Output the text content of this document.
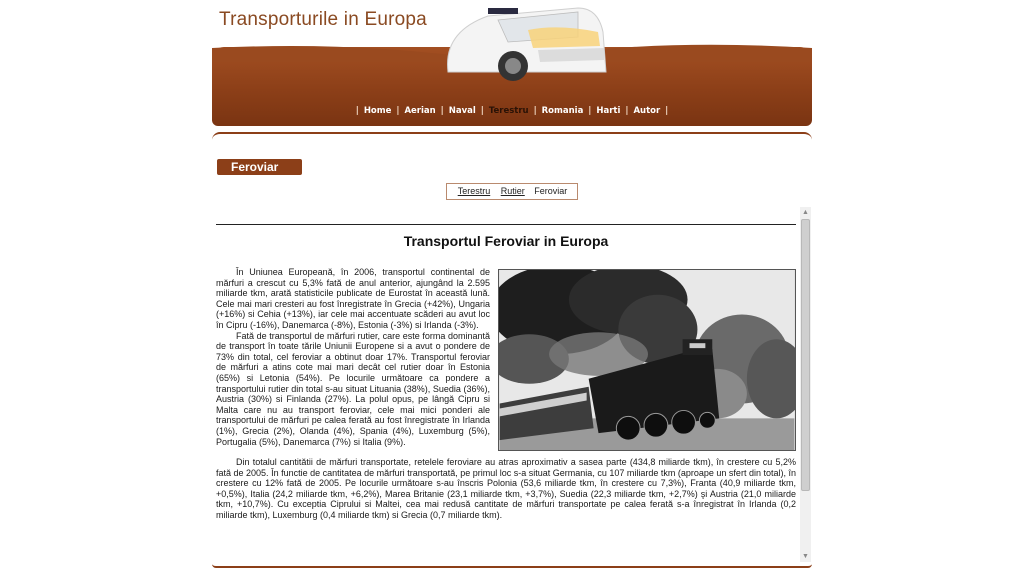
Transporturile in Europa
| Home | Aerian | Naval | Terestru | Romania | Harti | Autor |
Feroviar
Terestru Rutier Feroviar
Transportul Feroviar in Europa

În Uniunea Europeană, în 2006, transportul continental de mărfuri a crescut cu 5,3% fată de anul anterior, ajungând la 2.595 miliarde tkm, arată statisticile publicate de Eurostat în această lună. Cele mai mari cresteri au fost înregistrate în Grecia (+42%), Ungaria (+16%) si Cehia (+13%), iar cele mai accentuate scăderi au avut loc în Cipru (-16%), Danemarca (-8%), Estonia (-3%) si Irlanda (-3%).

Fată de transportul de mărfuri rutier, care este forma dominantă de transport în toate tările Uniunii Europene si a avut o pondere de 73% din total, cel feroviar a obtinut doar 17%. Transportul feroviar de mărfuri a atins cote mai mari decât cel rutier doar în Estonia (65%) si Letonia (54%). Pe locurile următoare ca pondere a transportului rutier din total s-au situat Lituania (38%), Suedia (36%), Austria (30%) si Finlanda (27%). La polul opus, pe lângă Cipru si Malta care nu au transport feroviar, cele mai mici ponderi ale transportului de mărfuri pe calea ferată au fost înregistrate în Irlanda (1%), Grecia (2%), Olanda (4%), Spania (4%), Luxemburg (5%), Portugalia (5%), Danemarca (7%) si Italia (9%).

Din totalul cantitătii de mărfuri transportate, retelele feroviare au atras aproximativ a sasea parte (434,8 miliarde tkm), în crestere cu 5,2% fată de 2005. În functie de cantitatea de mărfuri transportată, pe primul loc s-a situat Germania, cu 107 miliarde tkm (aproape un sfert din total), în crestere cu 12% fată de 2005. Pe locurile următoare s-au înscris Polonia (53,6 miliarde tkm, în crestere cu 7,3%), Franta (40,9 miliarde tkm, +0,5%), Italia (24,2 miliarde tkm, +6,2%), Marea Britanie (23,1 miliarde tkm, +3,7%), Suedia (22,3 miliarde tkm, +2,7%) şi Austria (21,0 miliarde tkm, +10,7%). Cu exceptia Ciprului si Maltei, cea mai redusă cantitate de mărfuri transportate pe calea ferată s-a înregistrat în Irlanda (0,2 miliarde tkm), Luxemburg (0,4 miliarde tkm) si Grecia (0,7 miliarde tkm).

▲
▼
